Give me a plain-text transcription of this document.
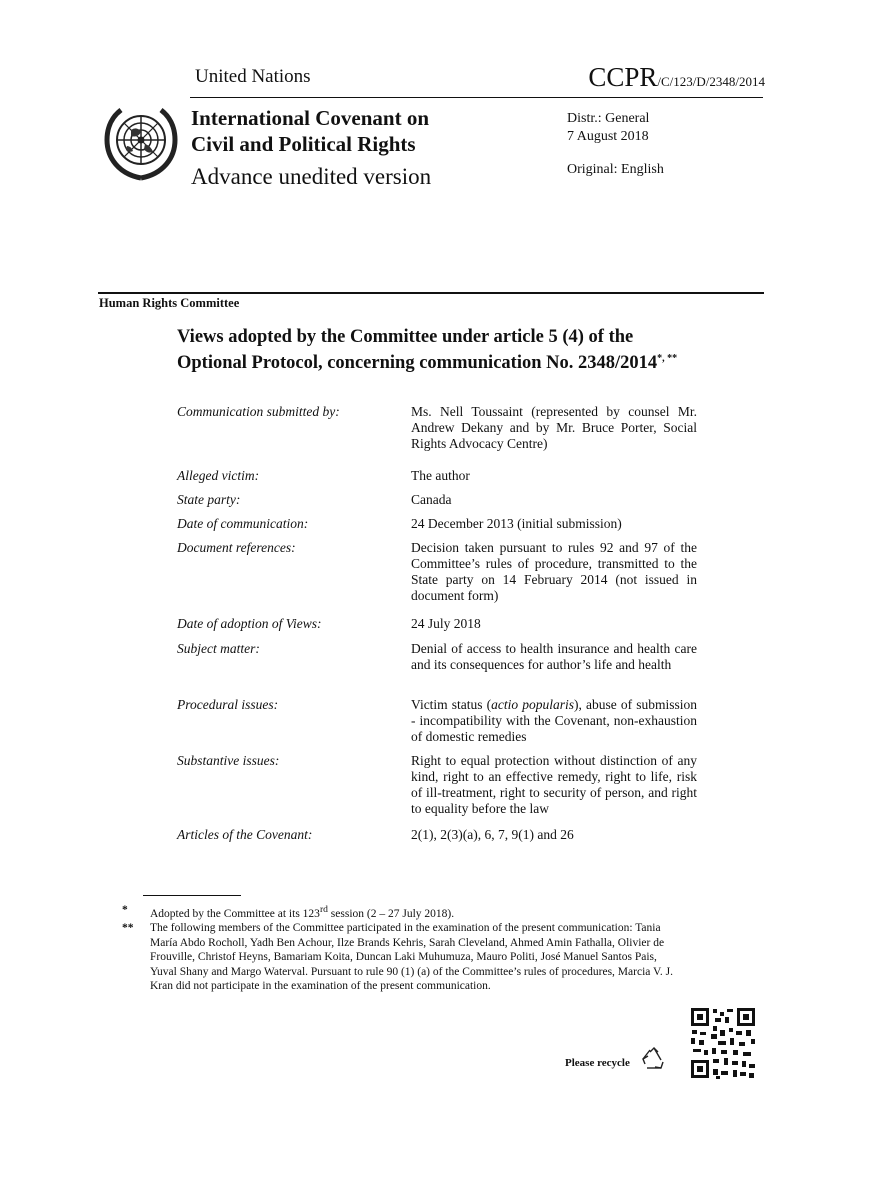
United Nations	CCPR/C/123/D/2348/2014
International Covenant on
Civil and Political Rights
Advance unedited version
Distr.: General
7 August 2018
Original: English
Human Rights Committee
Views adopted by the Committee under article 5 (4) of the Optional Protocol, concerning communication No. 2348/2014*, **
Communication submitted by:	Ms. Nell Toussaint (represented by counsel Mr. Andrew Dekany and by Mr. Bruce Porter, Social Rights Advocacy Centre)
Alleged victim:	The author
State party:	Canada
Date of communication:	24 December 2013 (initial submission)
Document references:	Decision taken pursuant to rules 92 and 97 of the Committee’s rules of procedure, transmitted to the State party on 14 February 2014 (not issued in document form)
Date of adoption of Views:	24 July 2018
Subject matter:	Denial of access to health insurance and health care and its consequences for author’s life and health
Procedural issues:	Victim status (actio popularis), abuse of submission - incompatibility with the Covenant, non-exhaustion of domestic remedies
Substantive issues:	Right to equal protection without distinction of any kind, right to an effective remedy, right to life, risk of ill-treatment, right to security of person, and right to equality before the law
Articles of the Covenant:	2(1), 2(3)(a), 6, 7, 9(1) and 26
*	Adopted by the Committee at its 123rd session (2 – 27 July 2018).
**	The following members of the Committee participated in the examination of the present communication: Tania María Abdo Rocholl, Yadh Ben Achour, Ilze Brands Kehris, Sarah Cleveland, Ahmed Amin Fathalla, Olivier de Frouville, Christof Heyns, Bamariam Koita, Duncan Laki Muhumuza, Mauro Politi, José Manuel Santos Pais, Yuval Shany and Margo Waterval. Pursuant to rule 90 (1) (a) of the Committee’s rules of procedures, Marcia V. J. Kran did not participate in the examination of the present communication.
Please recycle
